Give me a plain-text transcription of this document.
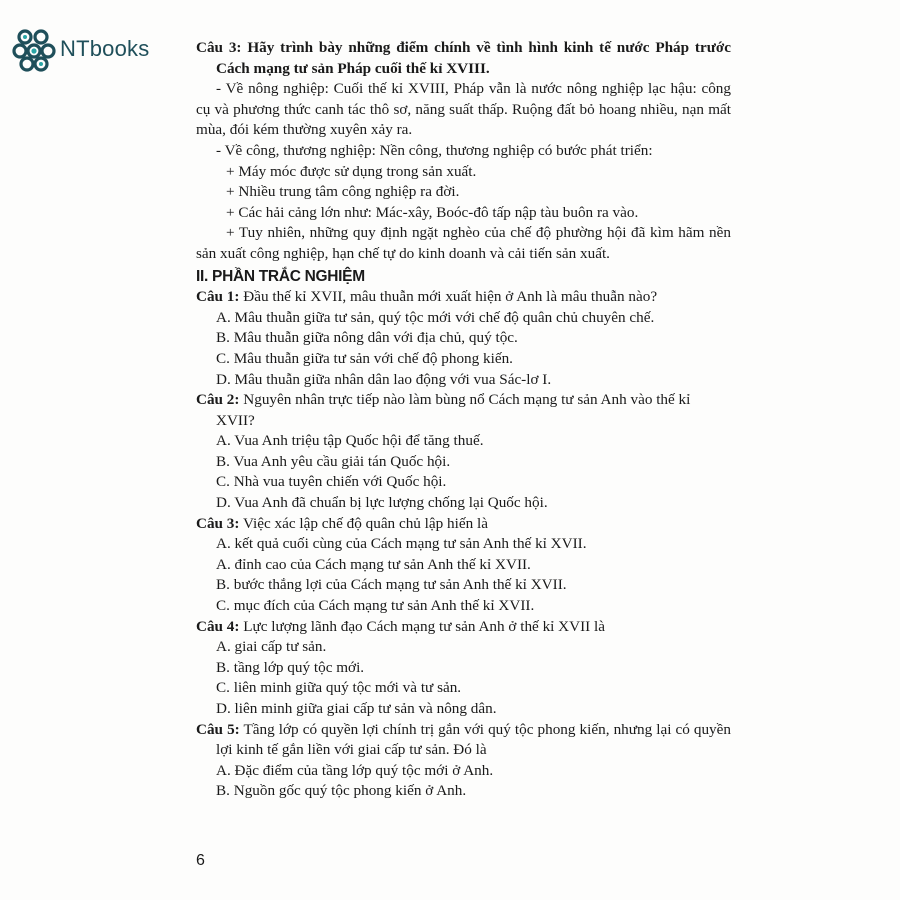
NTbooks	Câu 3: Hãy trình bày những điểm chính về tình hình kinh tế nước Pháp trước Cách mạng tư sản Pháp cuối thế kỉ XVIII.

- Về nông nghiệp: Cuối thế kỉ XVIII, Pháp vẫn là nước nông nghiệp lạc hậu: công cụ và phương thức canh tác thô sơ, năng suất thấp. Ruộng đất bỏ hoang nhiều, nạn mất mùa, đói kém thường xuyên xảy ra.

- Về công, thương nghiệp: Nền công, thương nghiệp có bước phát triển:

+ Máy móc được sử dụng trong sản xuất.

+ Nhiều trung tâm công nghiệp ra đời.

+ Các hải cảng lớn như: Mác-xây, Boóc-đô tấp nập tàu buôn ra vào.

+ Tuy nhiên, những quy định ngặt nghèo của chế độ phường hội đã kìm hãm nền sản xuất công nghiệp, hạn chế tự do kinh doanh và cải tiến sản xuất.

II. PHẦN TRẮC NGHIỆM

Câu 1: Đầu thế kỉ XVII, mâu thuẫn mới xuất hiện ở Anh là mâu thuẫn nào?

A. Mâu thuẫn giữa tư sản, quý tộc mới với chế độ quân chủ chuyên chế.

B. Mâu thuẫn giữa nông dân với địa chủ, quý tộc.

C. Mâu thuẫn giữa tư sản với chế độ phong kiến.

D. Mâu thuẫn giữa nhân dân lao động với vua Sác-lơ I.

Câu 2: Nguyên nhân trực tiếp nào làm bùng nổ Cách mạng tư sản Anh vào thế kỉ XVII?

A. Vua Anh triệu tập Quốc hội để tăng thuế.

B. Vua Anh yêu cầu giải tán Quốc hội.

C. Nhà vua tuyên chiến với Quốc hội.

D. Vua Anh đã chuẩn bị lực lượng chống lại Quốc hội.

Câu 3: Việc xác lập chế độ quân chủ lập hiến là

A. kết quả cuối cùng của Cách mạng tư sản Anh thế kỉ XVII.

A. đỉnh cao của Cách mạng tư sản Anh thế kỉ XVII.

B. bước thắng lợi của Cách mạng tư sản Anh thế kỉ XVII.

C. mục đích của Cách mạng tư sản Anh thế kỉ XVII.

Câu 4: Lực lượng lãnh đạo Cách mạng tư sản Anh ở thế kỉ XVII là

A. giai cấp tư sản.

B. tầng lớp quý tộc mới.

C. liên minh giữa quý tộc mới và tư sản.

D. liên minh giữa giai cấp tư sản và nông dân.

Câu 5: Tầng lớp có quyền lợi chính trị gắn với quý tộc phong kiến, nhưng lại có quyền lợi kinh tế gắn liền với giai cấp tư sản. Đó là

A. Đặc điểm của tầng lớp quý tộc mới ở Anh.

B. Nguồn gốc quý tộc phong kiến ở Anh.

6
